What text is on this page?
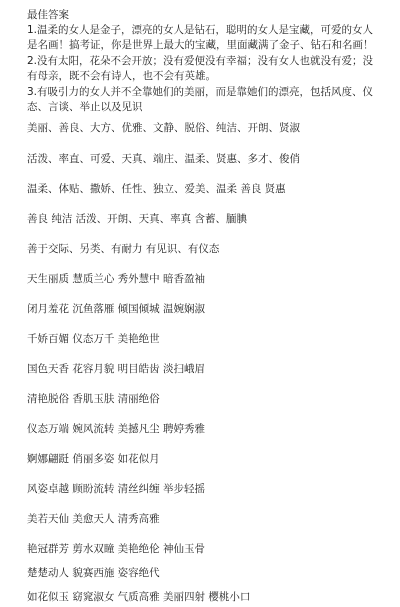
最佳答案

1.温柔的女人是金子，漂亮的女人是钻石，聪明的女人是宝藏，可爱的女人是名画！搞考证，你是世界上最大的宝藏，里面藏满了金子、钻石和名画！

2.没有太阳，花朵不会开放；没有爱便没有幸福；没有女人也就没有爱；没有母亲，既不会有诗人，也不会有英雄。

3.有吸引力的女人并不全靠她们的美丽，而是靠她们的漂亮，包括风度、仪态、言谈、举止以及见识

美丽、善良、大方、优雅、文静、脱俗、纯洁、开朗、贤淑
活泼、率直、可爱、天真、端庄、温柔、贤惠、多才、俊俏
温柔、体贴、撒娇、任性、独立、爱美、温柔 善良 贤惠
善良 纯洁 活泼、开朗、天真、率真 含蓄、腼腆
善于交际、另类、有耐力 有见识、有仪态
天生丽质 慧质兰心 秀外慧中 暗香盈袖
闭月羞花 沉鱼落雁 倾国倾城 温婉娴淑
千娇百媚 仪态万千 美艳绝世
国色天香 花容月貌 明目皓齿 淡扫峨眉
清艳脱俗 香肌玉肤 清丽绝俗
仪态万端 婉风流转 美撼凡尘 聘婷秀雅
婀娜翩跹 俏丽多姿 如花似月
风姿卓越 顾盼流转 清丝纠缠 举步轻摇
美若天仙 美愈天人 清秀高雅
艳冠群芳 剪水双瞳 美艳绝伦 神仙玉骨
楚楚动人 貌赛西施 姿容绝代
如花似玉 窈窕淑女 气质高雅 美丽四射 樱桃小口
